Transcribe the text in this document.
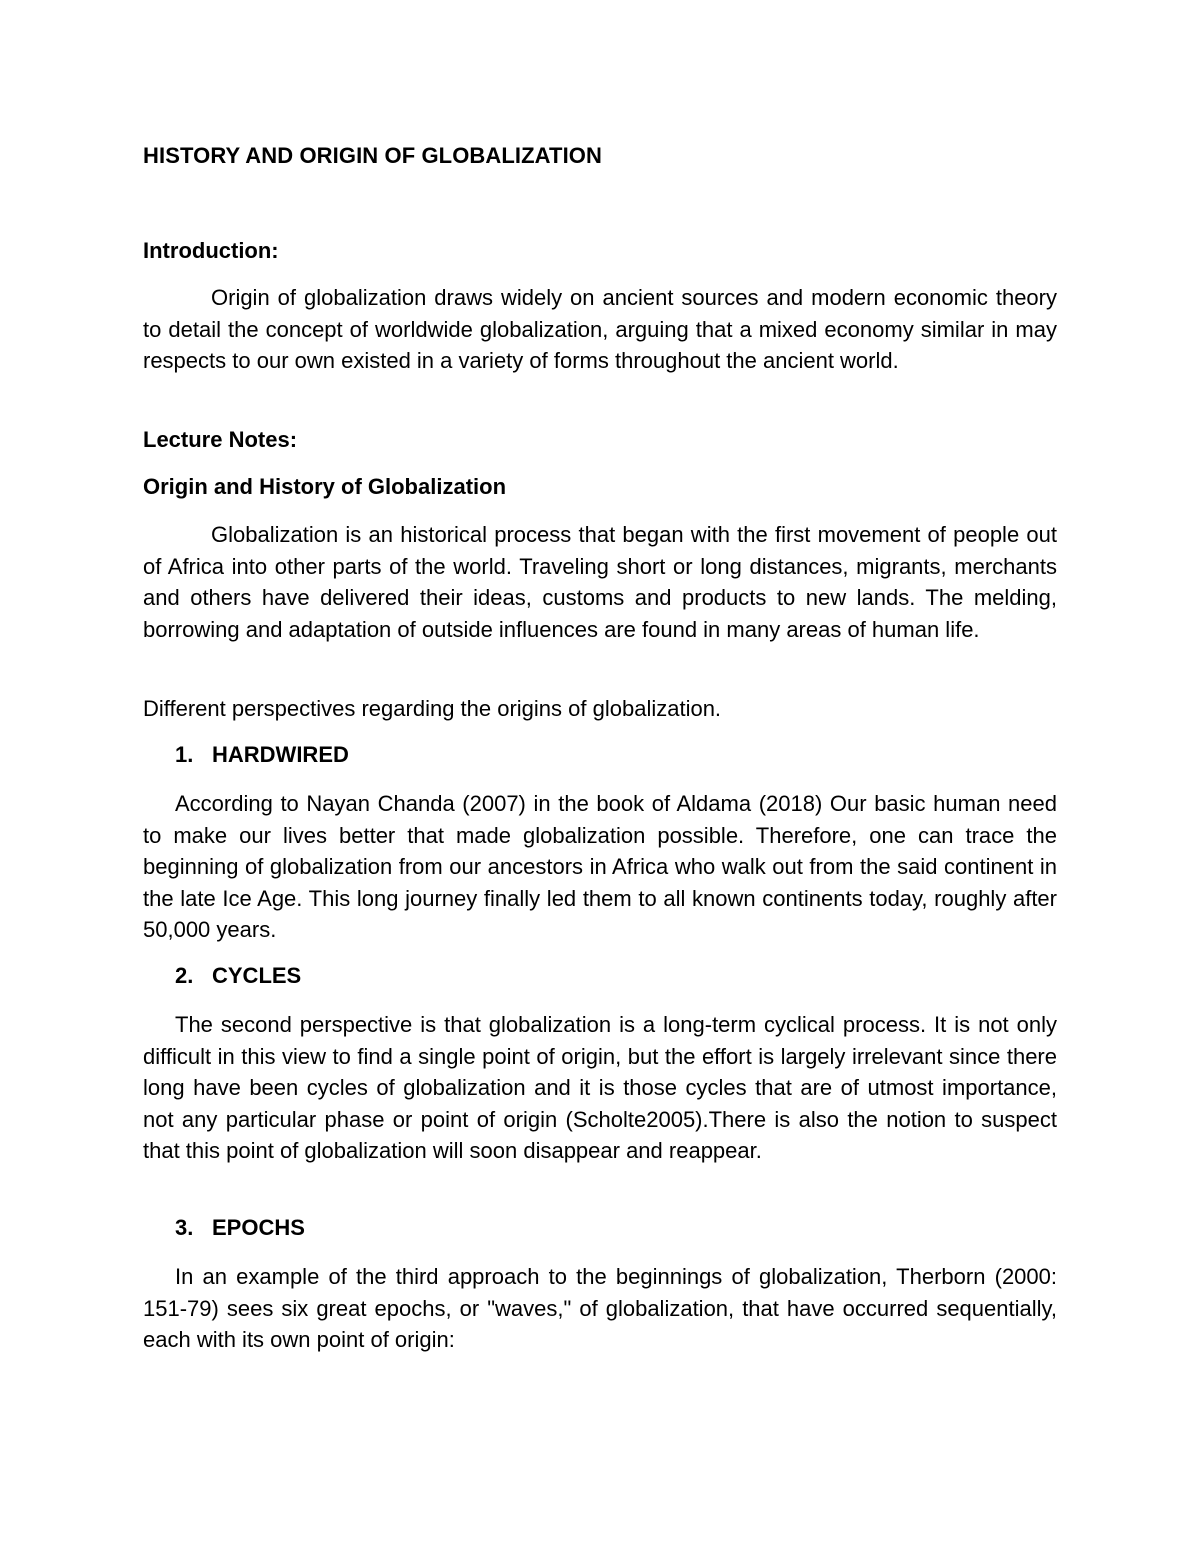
HISTORY AND ORIGIN OF GLOBALIZATION
Introduction:

Origin of globalization draws widely on ancient sources and modern economic theory to detail the concept of worldwide globalization, arguing that a mixed economy similar in may respects to our own existed in a variety of forms throughout the ancient world.

Lecture Notes:
Origin and History of Globalization

Globalization is an historical process that began with the first movement of people out of Africa into other parts of the world. Traveling short or long distances, migrants, merchants and others have delivered their ideas, customs and products to new lands. The melding, borrowing and adaptation of outside influences are found in many areas of human life.

Different perspectives regarding the origins of globalization.

1. HARDWIRED

According to Nayan Chanda (2007) in the book of Aldama (2018) Our basic human need to make our lives better that made globalization possible. Therefore, one can trace the beginning of globalization from our ancestors in Africa who walk out from the said continent in the late Ice Age. This long journey finally led them to all known continents today, roughly after 50,000 years.

2. CYCLES

The second perspective is that globalization is a long-term cyclical process. It is not only difficult in this view to find a single point of origin, but the effort is largely irrelevant since there long have been cycles of globalization and it is those cycles that are of utmost importance, not any particular phase or point of origin (Scholte2005).There is also the notion to suspect that this point of globalization will soon disappear and reappear.

3. EPOCHS

In an example of the third approach to the beginnings of globalization, Therborn (2000: 151-79) sees six great epochs, or "waves," of globalization, that have occurred sequentially, each with its own point of origin:
